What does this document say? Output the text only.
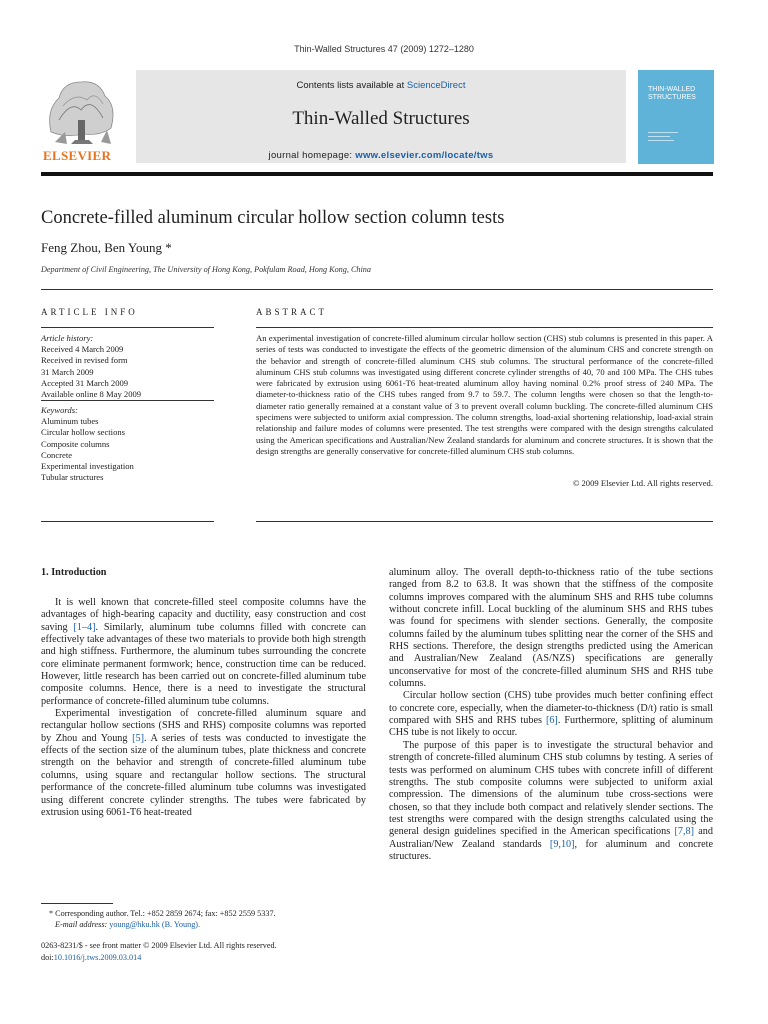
Thin-Walled Structures 47 (2009) 1272–1280
ELSEVIER
Contents lists available at ScienceDirect
Thin-Walled Structures
journal homepage: www.elsevier.com/locate/tws
THIN-WALLED
STRUCTURES
Concrete-filled aluminum circular hollow section column tests
Feng Zhou, Ben Young *
Department of Civil Engineering, The University of Hong Kong, Pokfulam Road, Hong Kong, China
ARTICLE INFO	ABSTRACT
Article history:
Received 4 March 2009
Received in revised form
31 March 2009
Accepted 31 March 2009
Available online 8 May 2009
Keywords:
Aluminum tubes
Circular hollow sections
Composite columns
Concrete
Experimental investigation
Tubular structures
An experimental investigation of concrete-filled aluminum circular hollow section (CHS) stub columns is presented in this paper. A series of tests was conducted to investigate the effects of the geometric dimension of the aluminum CHS and concrete strength on the behavior and strength of concrete-filled aluminum CHS stub columns. The structural performance of the concrete-filled aluminum CHS stub columns was investigated using different concrete cylinder strengths of 40, 70 and 100 MPa. The CHS tubes were fabricated by extrusion using 6061-T6 heat-treated aluminum alloy having nominal 0.2% proof stress of 240 MPa. The diameter-to-thickness ratio of the CHS tubes ranged from 9.7 to 59.7. The column lengths were chosen so that the length-to-diameter ratio generally remained at a constant value of 3 to prevent overall column buckling. The concrete-filled aluminum CHS specimens were subjected to uniform axial compression. The column strengths, load-axial shortening relationship, load-axial strain relationship and failure modes of columns were presented. The test strengths were compared with the design strengths calculated using the American specifications and Australian/New Zealand standards for aluminum and concrete structures. It is shown that the design strengths are generally conservative for concrete-filled aluminum CHS stub columns.
© 2009 Elsevier Ltd. All rights reserved.
1. Introduction

It is well known that concrete-filled steel composite columns have the advantages of high-bearing capacity and ductility, easy construction and cost saving [1–4]. Similarly, aluminum tube columns filled with concrete can effectively take advantages of these two materials to provide both high strength and high stiffness. Furthermore, the aluminum tubes surrounding the concrete core eliminate permanent formwork; hence, construction time can be reduced. However, little research has been carried out on concrete-filled aluminum tube composite columns. Hence, there is a need to investigate the structural performance of concrete-filled aluminum tube columns.

Experimental investigation of concrete-filled aluminum square and rectangular hollow sections (SHS and RHS) composite columns was reported by Zhou and Young [5]. A series of tests was conducted to investigate the effects of the section size of the aluminum tubes, plate thickness and concrete strength on the behavior and strength of concrete-filled aluminum tube columns, using square and rectangular hollow sections. The structural performance of the concrete-filled aluminum tube columns was investigated using different concrete cylinder strengths. The tubes were fabricated by extrusion using 6061-T6 heat-treated

aluminum alloy. The overall depth-to-thickness ratio of the tube sections ranged from 8.2 to 63.8. It was shown that the stiffness of the composite columns improves compared with the aluminum SHS and RHS tube columns without concrete infill. Local buckling of the aluminum SHS and RHS tubes was found for specimens with slender sections. Generally, the composite columns failed by the aluminum tubes splitting near the corner of the SHS and RHS sections. Therefore, the design strengths predicted using the American and Australian/New Zealand (AS/NZS) specifications are generally unconservative for most of the concrete-filled aluminum SHS and RHS tube columns.

Circular hollow section (CHS) tube provides much better confining effect to concrete core, especially, when the diameter-to-thickness (D/t) ratio is small compared with SHS and RHS tubes [6]. Furthermore, splitting of aluminum CHS tube is not likely to occur.

The purpose of this paper is to investigate the structural behavior and strength of concrete-filled aluminum CHS stub columns by testing. A series of tests was performed on aluminum CHS tubes with concrete infill of different strengths. The stub composite columns were subjected to uniform axial compression. The dimensions of the aluminum tube cross-sections were chosen, so that they include both compact and relatively slender sections. The test strengths were compared with the design strengths calculated using the general design guidelines specified in the American specifications [7,8] and Australian/New Zealand standards [9,10], for aluminum and concrete structures.

* Corresponding author. Tel.: +852 2859 2674; fax: +852 2559 5337.
E-mail address: young@hku.hk (B. Young).
0263-8231/$ - see front matter © 2009 Elsevier Ltd. All rights reserved.
doi:10.1016/j.tws.2009.03.014
